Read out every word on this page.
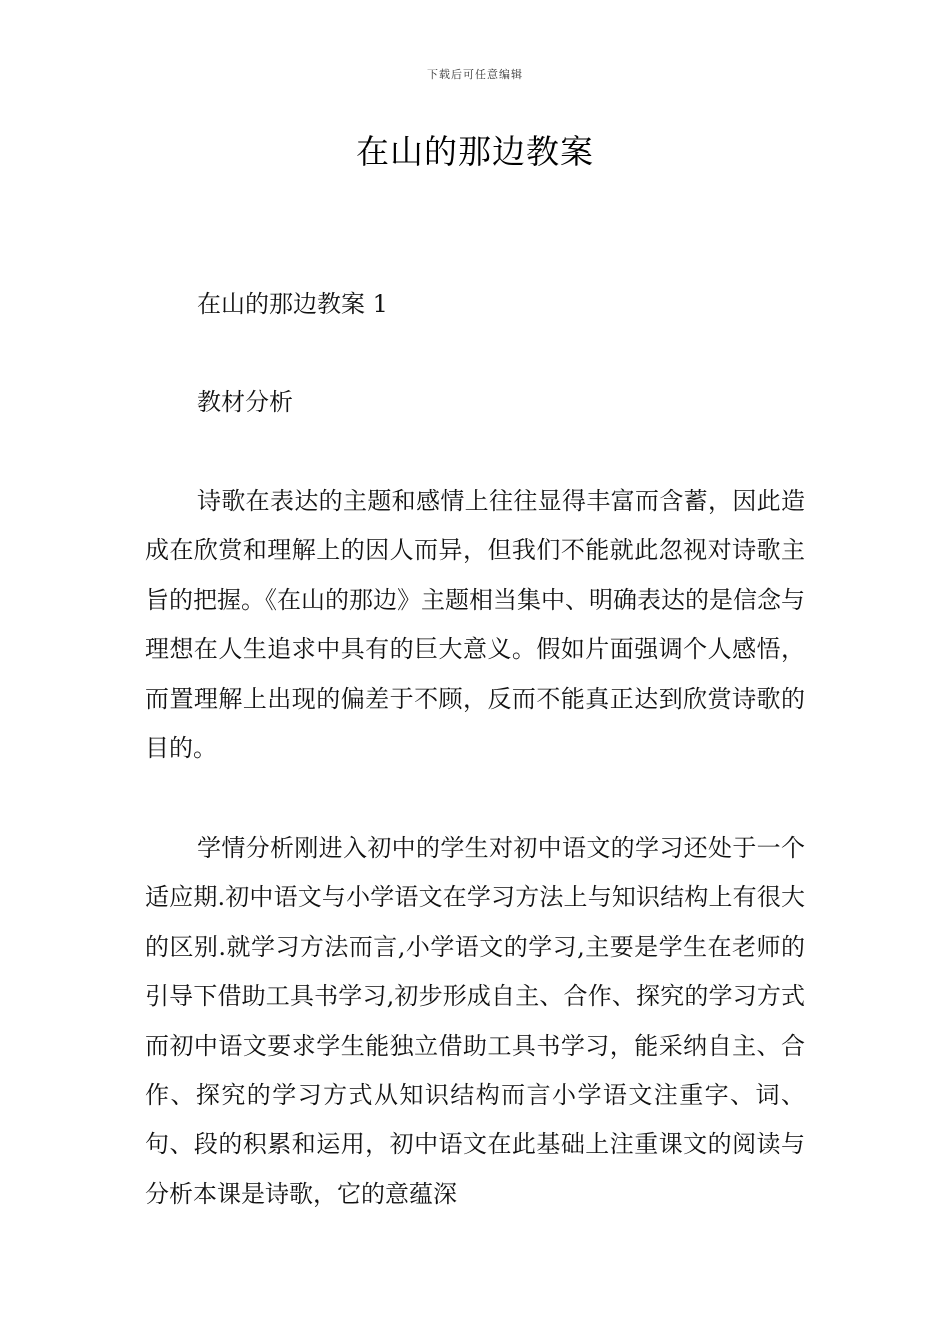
下载后可任意编辑
在山的那边教案
在山的那边教案 1
教材分析

诗歌在表达的主题和感情上往往显得丰富而含蓄，因此造成在欣赏和理解上的因人而异，但我们不能就此忽视对诗歌主旨的把握。《在山的那边》主题相当集中、明确表达的是信念与理想在人生追求中具有的巨大意义。假如片面强调个人感悟，而置理解上出现的偏差于不顾，反而不能真正达到欣赏诗歌的目的。

学情分析刚进入初中的学生对初中语文的学习还处于一个适应期.初中语文与小学语文在学习方法上与知识结构上有很大的区别.就学习方法而言,小学语文的学习,主要是学生在老师的引导下借助工具书学习,初步形成自主、合作、探究的学习方式而初中语文要求学生能独立借助工具书学习，能采纳自主、合作、探究的学习方式从知识结构而言小学语文注重字、词、句、段的积累和运用，初中语文在此基础上注重课文的阅读与分析本课是诗歌，它的意蕴深
